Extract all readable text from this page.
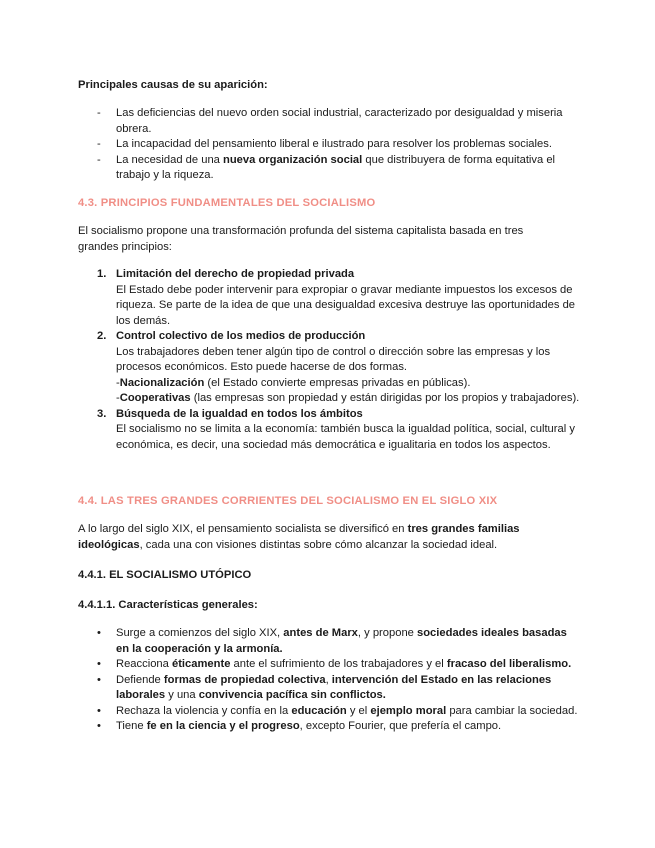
Principales causas de su aparición:

- Las deficiencias del nuevo orden social industrial, caracterizado por desigualdad y miseria obrera.
- La incapacidad del pensamiento liberal e ilustrado para resolver los problemas sociales.
- La necesidad de una nueva organización social que distribuyera de forma equitativa el trabajo y la riqueza.

4.3. PRINCIPIOS FUNDAMENTALES DEL SOCIALISMO

El socialismo propone una transformación profunda del sistema capitalista basada en tres grandes principios:

1. Limitación del derecho de propiedad privada
El Estado debe poder intervenir para expropiar o gravar mediante impuestos los excesos de riqueza. Se parte de la idea de que una desigualdad excesiva destruye las oportunidades de los demás.
2. Control colectivo de los medios de producción
Los trabajadores deben tener algún tipo de control o dirección sobre las empresas y los procesos económicos. Esto puede hacerse de dos formas.
-Nacionalización (el Estado convierte empresas privadas en públicas).
-Cooperativas (las empresas son propiedad y están dirigidas por los propios y trabajadores).
3. Búsqueda de la igualdad en todos los ámbitos
El socialismo no se limita a la economía: también busca la igualdad política, social, cultural y económica, es decir, una sociedad más democrática e igualitaria en todos los aspectos.

4.4. LAS TRES GRANDES CORRIENTES DEL SOCIALISMO EN EL SIGLO XIX

A lo largo del siglo XIX, el pensamiento socialista se diversificó en tres grandes familias ideológicas, cada una con visiones distintas sobre cómo alcanzar la sociedad ideal.

4.4.1. EL SOCIALISMO UTÓPICO

4.4.1.1. Características generales:

• Surge a comienzos del siglo XIX, antes de Marx, y propone sociedades ideales basadas en la cooperación y la armonía.
• Reacciona éticamente ante el sufrimiento de los trabajadores y el fracaso del liberalismo.
• Defiende formas de propiedad colectiva, intervención del Estado en las relaciones laborales y una convivencia pacífica sin conflictos.
• Rechaza la violencia y confía en la educación y el ejemplo moral para cambiar la sociedad.
• Tiene fe en la ciencia y el progreso, excepto Fourier, que prefería el campo.
